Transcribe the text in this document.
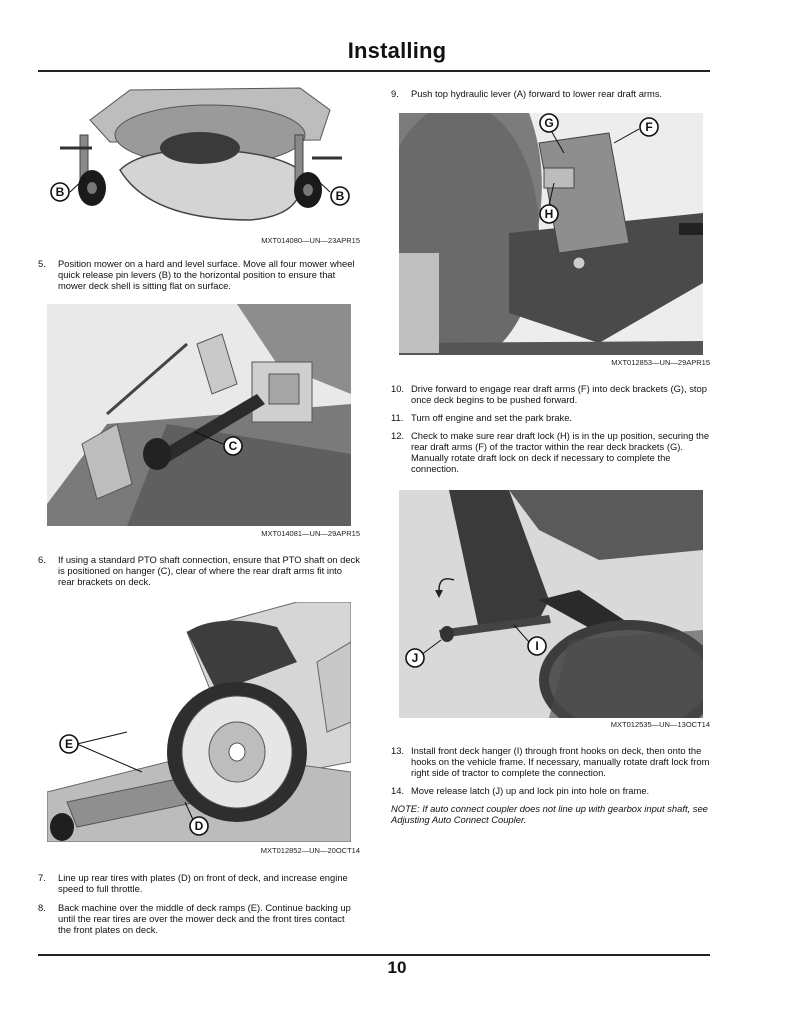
Installing
B	B
MXT014080—UN—23APR15
5. Position mower on a hard and level surface. Move all four mower wheel quick release pin levers (B) to the horizontal position to ensure that mower deck shell is sitting flat on surface.
C
MXT014081—UN—29APR15
6. If using a standard PTO shaft connection, ensure that PTO shaft on deck is positioned on hanger (C), clear of where the rear draft arms fit into rear brackets on deck.
E
D
MXT012852—UN—20OCT14
7. Line up rear tires with plates (D) on front of deck, and increase engine speed to full throttle.
8. Back machine over the middle of deck ramps (E). Continue backing up until the rear tires are over the mower deck and the front tires contact the front plates on deck.
9. Push top hydraulic lever (A) forward to lower rear draft arms.
G	F
H
MXT012853—UN—29APR15
10. Drive forward to engage rear draft arms (F) into deck brackets (G), stop once deck begins to be pushed forward.
11. Turn off engine and set the park brake.
12. Check to make sure rear draft lock (H) is in the up position, securing the rear draft arms (F) of the tractor within the rear deck brackets (G). Manually rotate draft lock on deck if necessary to complete the connection.
J
I
MXT012535—UN—13OCT14
13. Install front deck hanger (I) through front hooks on deck, then onto the hooks on the vehicle frame. If necessary, manually rotate draft lock from right side of tractor to complete the connection.
14. Move release latch (J) up and lock pin into hole on frame.
NOTE: If auto connect coupler does not line up with gearbox input shaft, see Adjusting Auto Connect Coupler.
10
